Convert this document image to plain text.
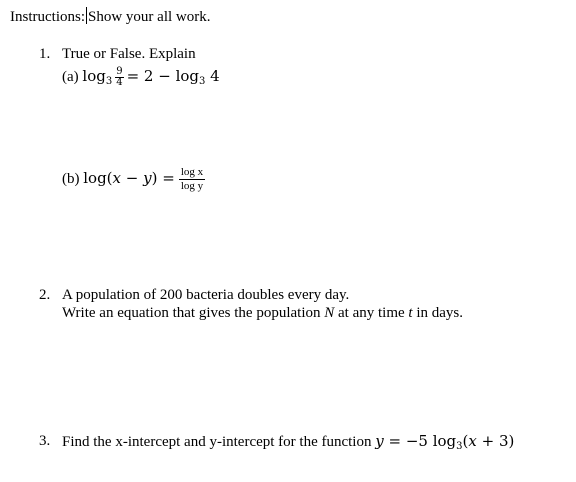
Instructions: Show your all work.
1. True or False. Explain
(a) $\log_3 \frac{9}{4} = 2 - \log_3 4$
(b) $\log(x - y) = \frac{\text{log x}}{\text{log y}}$
2. A population of 200 bacteria doubles every day.
Write an equation that gives the population N at any time t in days.
3. Find the x-intercept and y-intercept for the function y = −5 $\log_3(x + 3)$
